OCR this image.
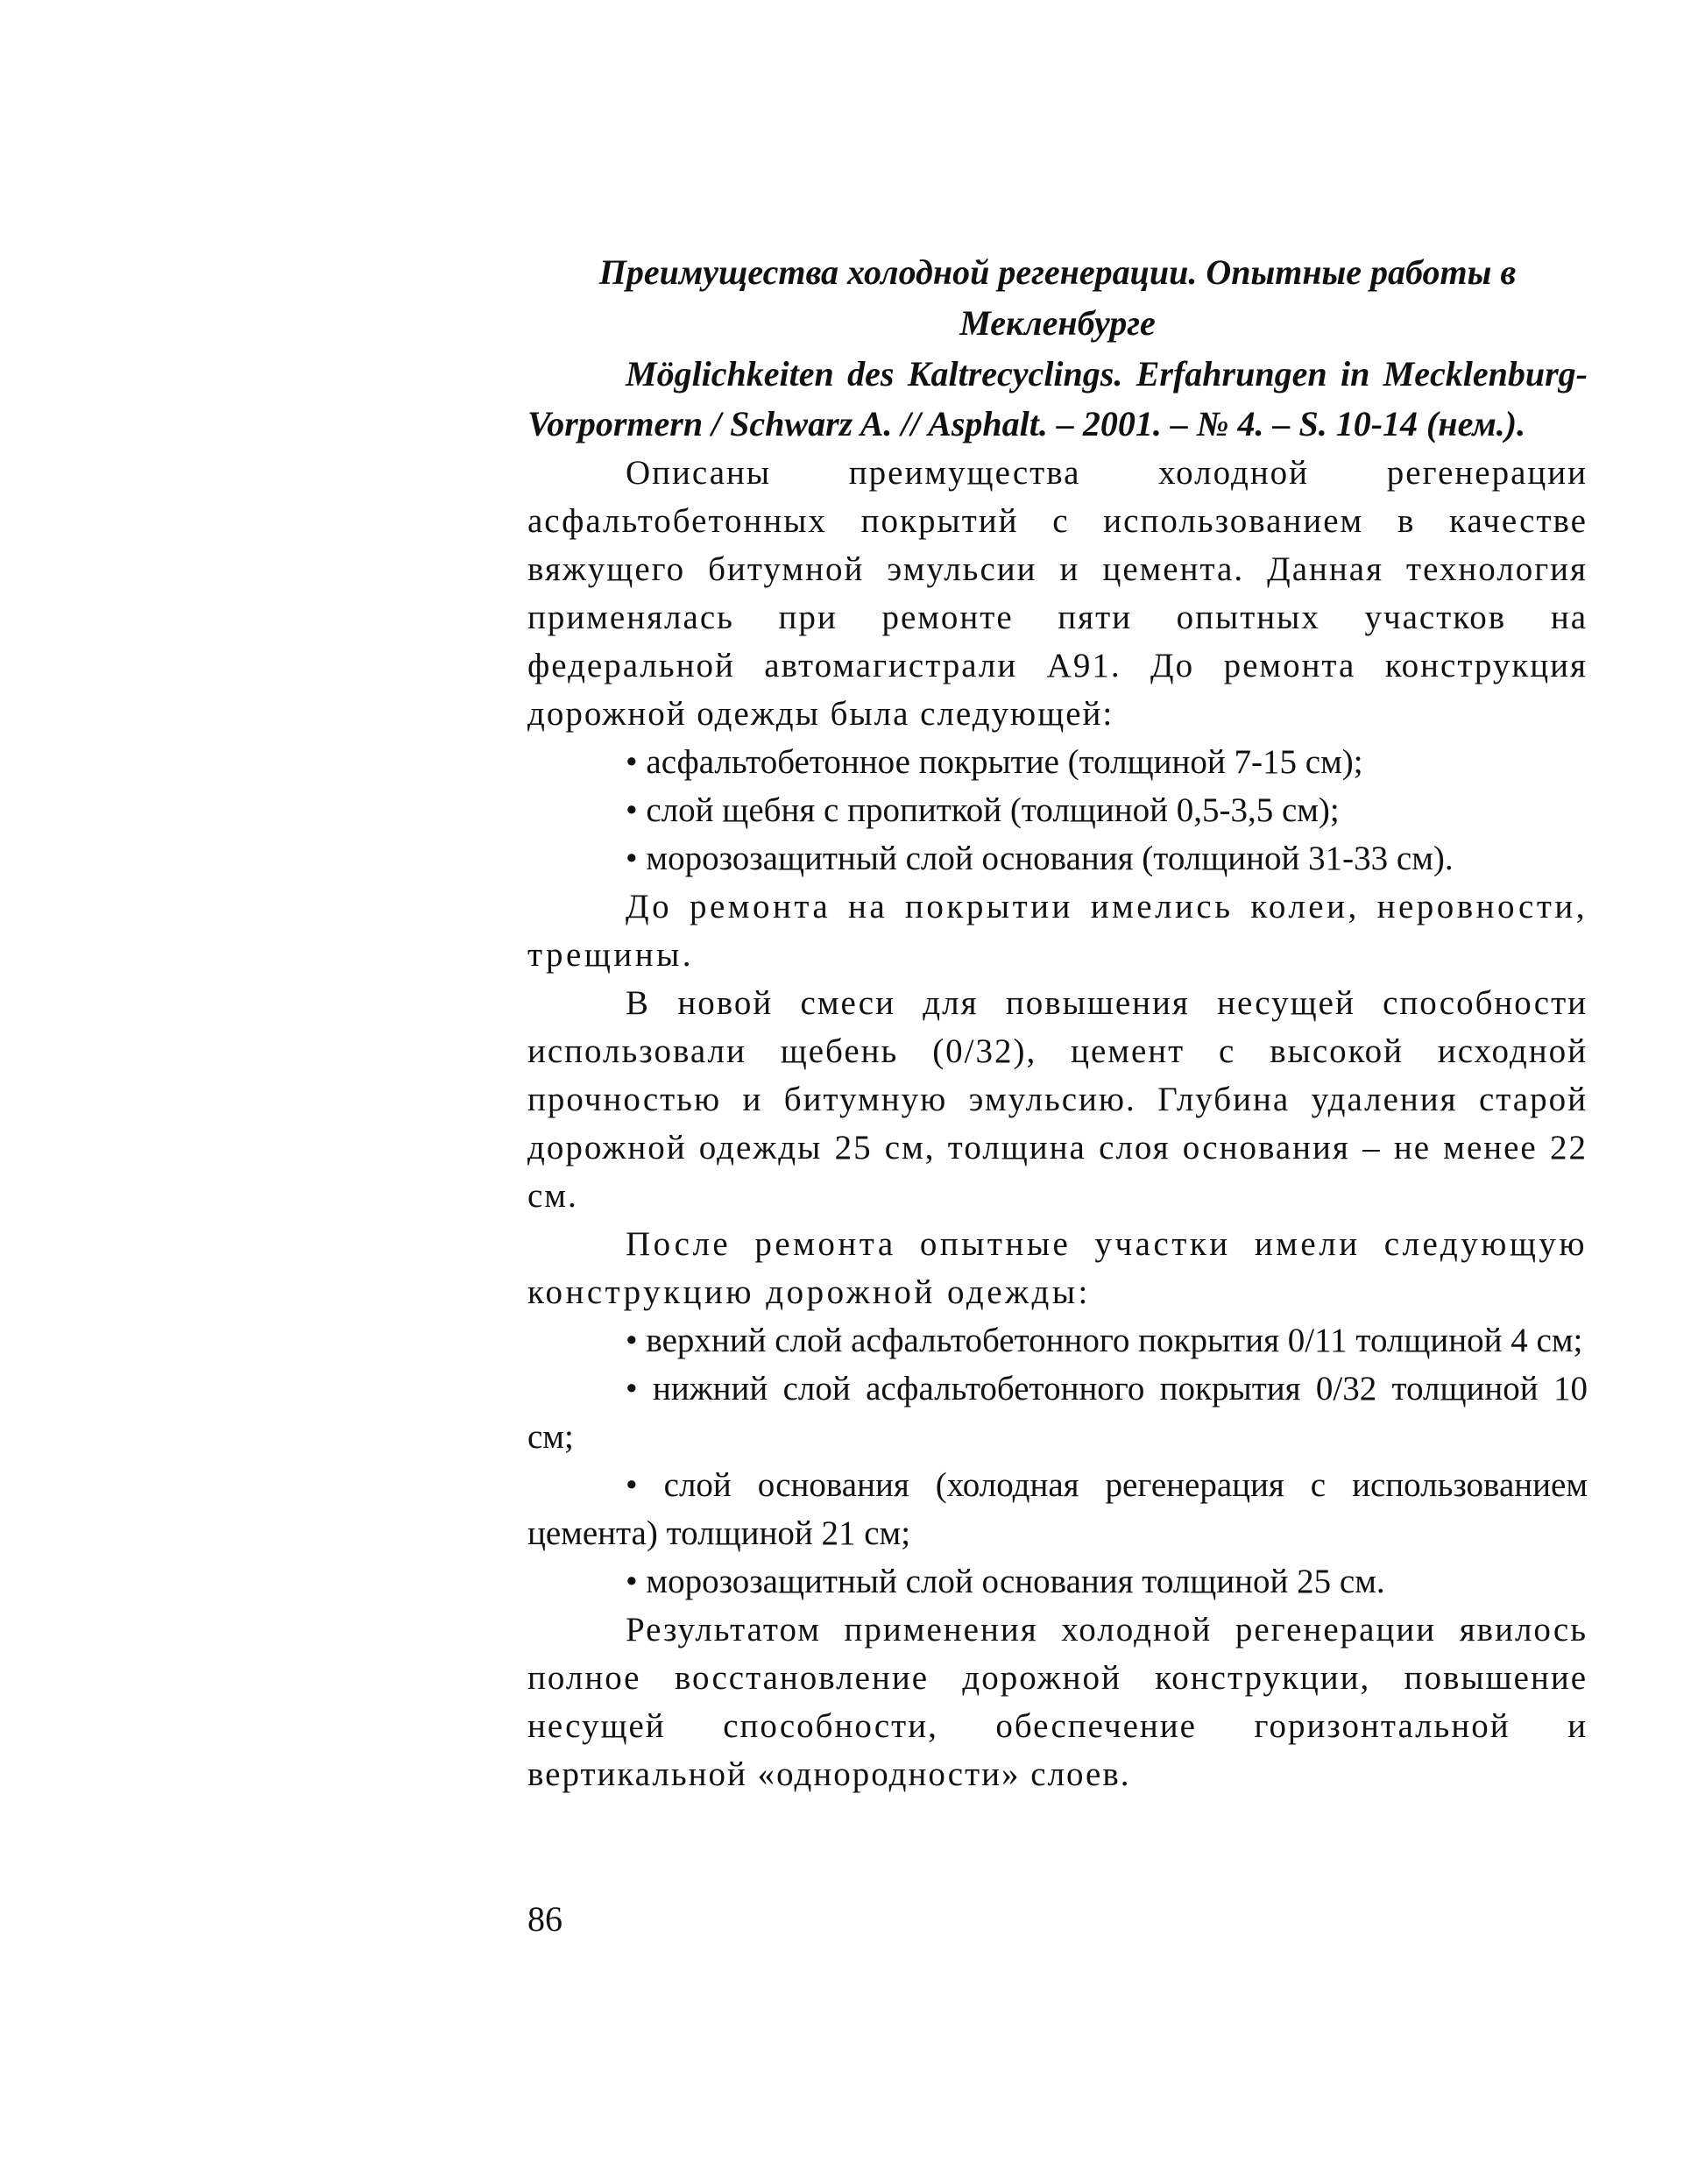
Преимущества холодной регенерации. Опытные работы в
Мекленбурге

Möglichkeiten des Kaltrecyclings. Erfahrungen in Mecklenburg-Vorpormern / Schwarz A. // Asphalt. – 2001. – № 4. – S. 10-14 (нем.).

Описаны преимущества холодной регенерации асфальтобетонных покрытий с использованием в качестве вяжущего битумной эмульсии и цемента. Данная технология применялась при ремонте пяти опытных участков на федеральной автомагистрали А91. До ремонта конструкция дорожной одежды была следующей:

• асфальтобетонное покрытие (толщиной 7-15 см);

• слой щебня с пропиткой (толщиной 0,5-3,5 см);

• морозозащитный слой основания (толщиной 31-33 см).

До ремонта на покрытии имелись колеи, неровности, трещины.

В новой смеси для повышения несущей способности использовали щебень (0/32), цемент с высокой исходной прочностью и битумную эмульсию. Глубина удаления старой дорожной одежды 25 см, толщина слоя основания – не менее 22 см.

После ремонта опытные участки имели следующую конструкцию дорожной одежды:

• верхний слой асфальтобетонного покрытия 0/11 толщиной 4 см;

• нижний слой асфальтобетонного покрытия 0/32 толщиной 10 см;

• слой основания (холодная регенерация с использованием цемента) толщиной 21 см;

• морозозащитный слой основания толщиной 25 см.

Результатом применения холодной регенерации явилось полное восстановление дорожной конструкции, повышение несущей способности, обеспечение горизонтальной и вертикальной «однородности» слоев.

86
